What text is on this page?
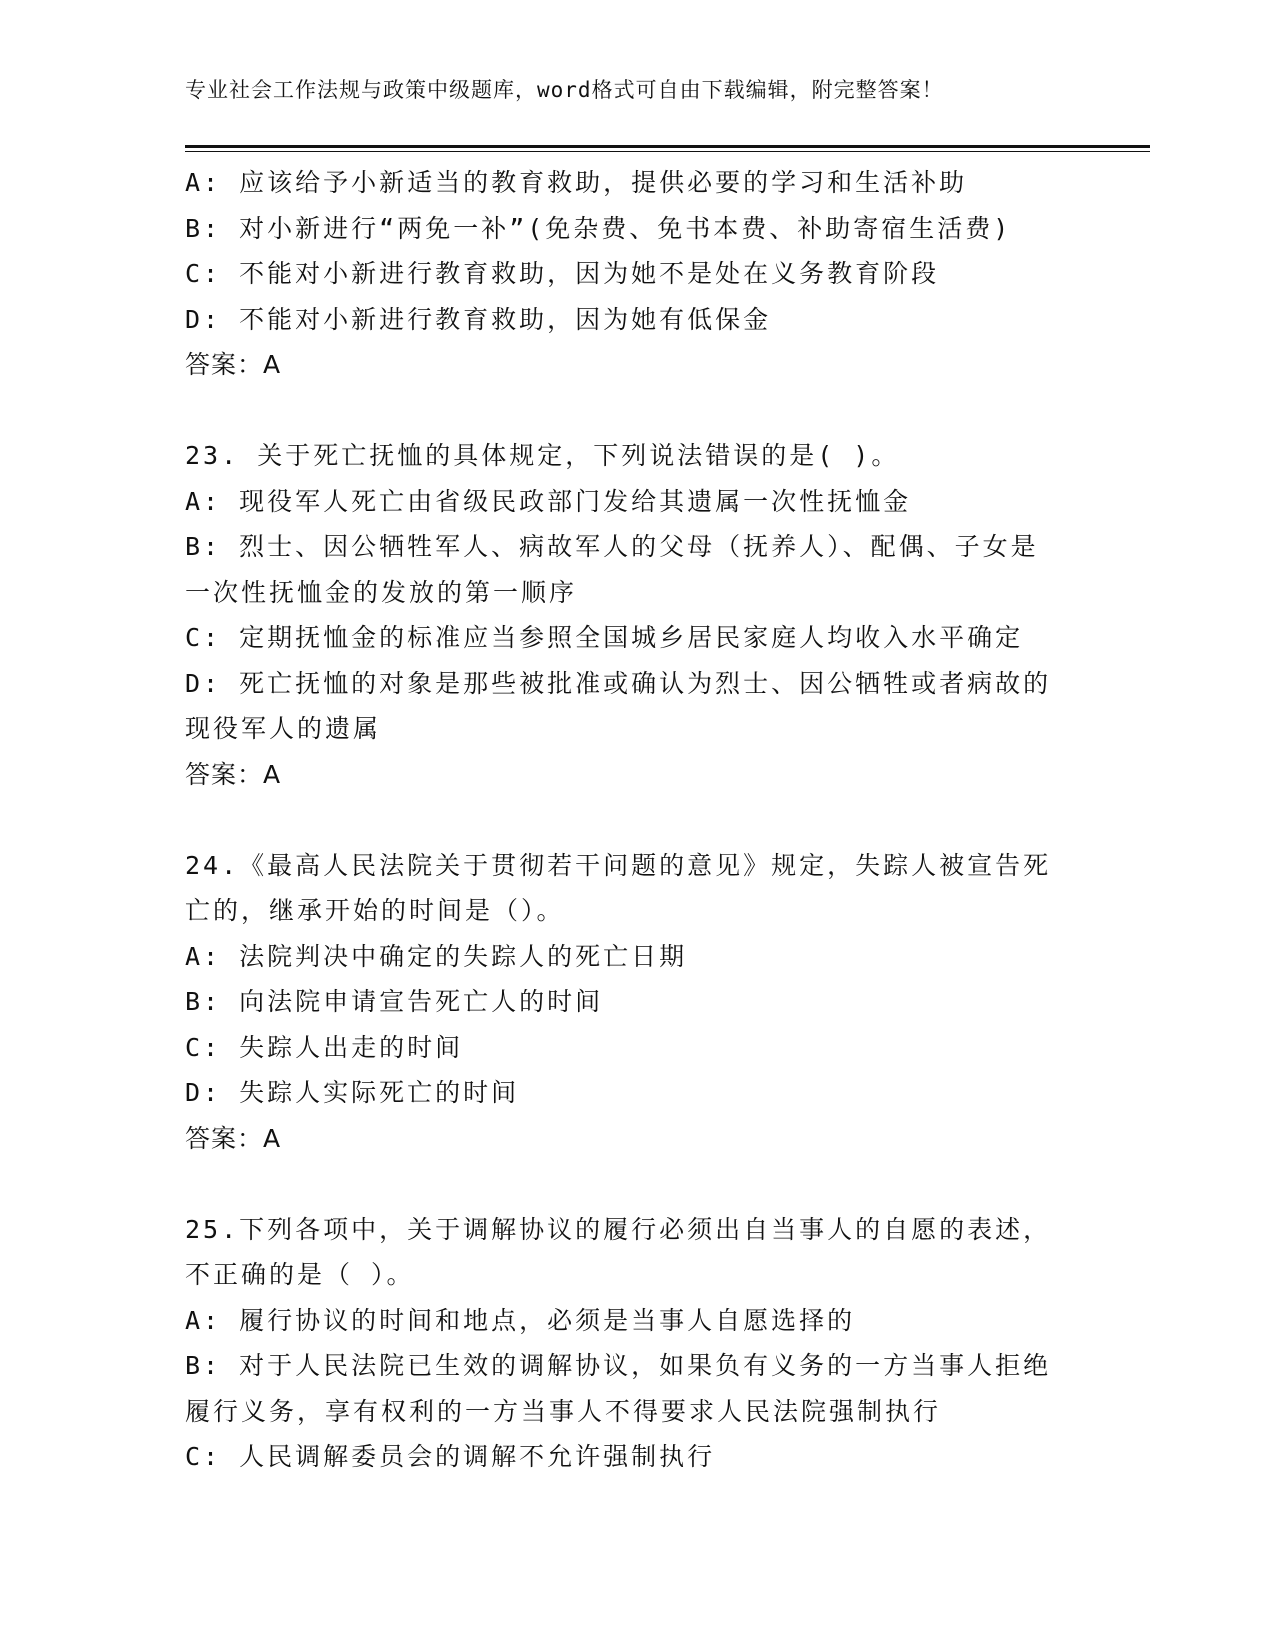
专业社会工作法规与政策中级题库，word格式可自由下载编辑，附完整答案！
A: 应该给予小新适当的教育救助，提供必要的学习和生活补助
B: 对小新进行“两免一补”(免杂费、免书本费、补助寄宿生活费)
C: 不能对小新进行教育救助，因为她不是处在义务教育阶段
D: 不能对小新进行教育救助，因为她有低保金
答案：A
23. 关于死亡抚恤的具体规定，下列说法错误的是( )。
A: 现役军人死亡由省级民政部门发给其遗属一次性抚恤金
B: 烈士、因公牺牲军人、病故军人的父母（抚养人）、配偶、子女是
一次性抚恤金的发放的第一顺序
C: 定期抚恤金的标准应当参照全国城乡居民家庭人均收入水平确定
D: 死亡抚恤的对象是那些被批准或确认为烈士、因公牺牲或者病故的
现役军人的遗属
答案：A
24.《最高人民法院关于贯彻若干问题的意见》规定，失踪人被宣告死
亡的，继承开始的时间是（）。
A: 法院判决中确定的失踪人的死亡日期
B: 向法院申请宣告死亡人的时间
C: 失踪人出走的时间
D: 失踪人实际死亡的时间
答案：A
25.下列各项中，关于调解协议的履行必须出自当事人的自愿的表述，
不正确的是（ ）。
A: 履行协议的时间和地点，必须是当事人自愿选择的
B: 对于人民法院已生效的调解协议，如果负有义务的一方当事人拒绝
履行义务，享有权利的一方当事人不得要求人民法院强制执行
C: 人民调解委员会的调解不允许强制执行
